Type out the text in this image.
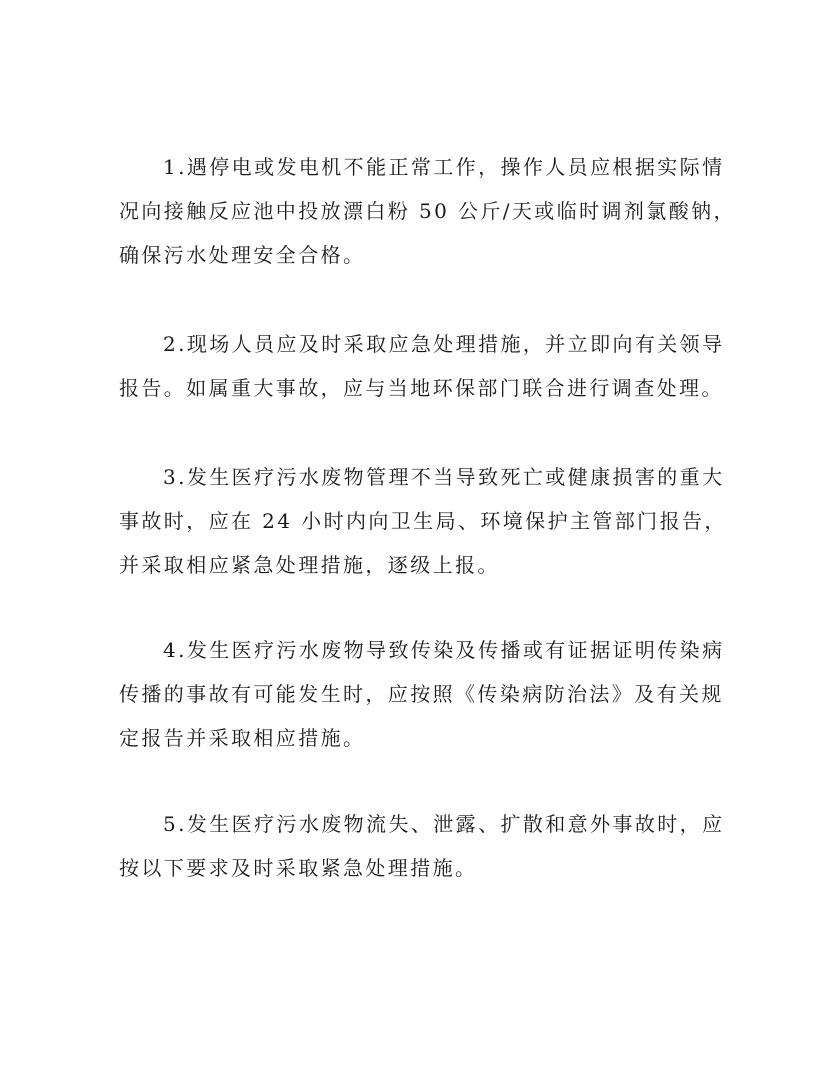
1.遇停电或发电机不能正常工作，操作人员应根据实际情
况向接触反应池中投放漂白粉 50 公斤/天或临时调剂氯酸钠，
确保污水处理安全合格。

2.现场人员应及时采取应急处理措施，并立即向有关领导
报告。如属重大事故，应与当地环保部门联合进行调查处理。

3.发生医疗污水废物管理不当导致死亡或健康损害的重大
事故时，应在 24 小时内向卫生局、环境保护主管部门报告，
并采取相应紧急处理措施，逐级上报。

4.发生医疗污水废物导致传染及传播或有证据证明传染病
传播的事故有可能发生时，应按照《传染病防治法》及有关规
定报告并采取相应措施。

5.发生医疗污水废物流失、泄露、扩散和意外事故时，应
按以下要求及时采取紧急处理措施。
